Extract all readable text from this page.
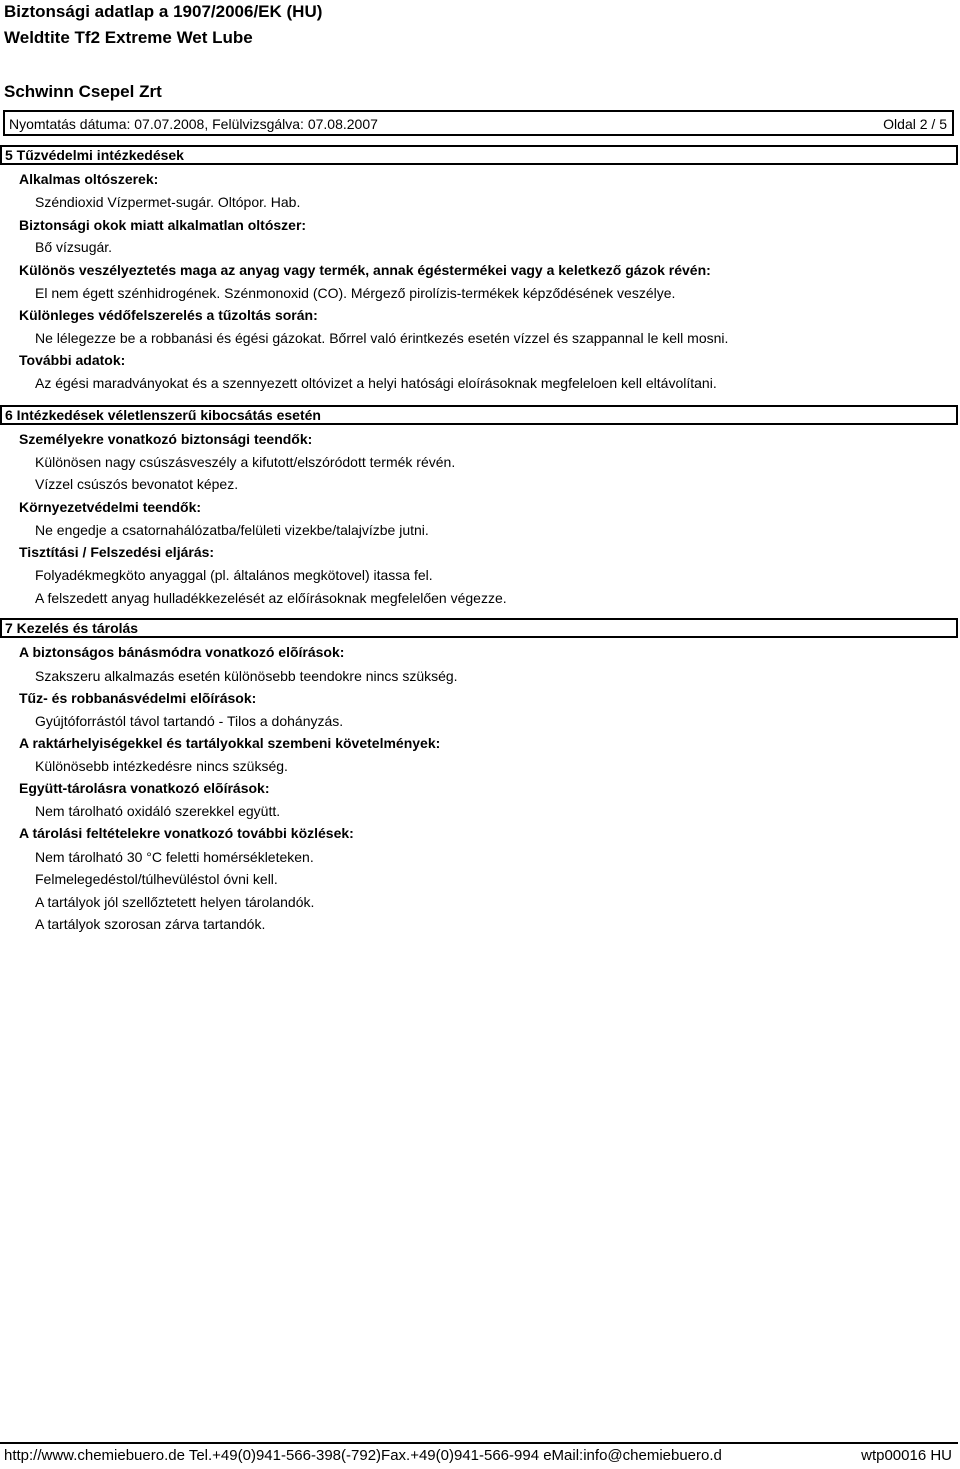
Biztonsági adatlap a 1907/2006/EK (HU)
Weldtite Tf2 Extreme Wet Lube
Schwinn Csepel Zrt
Nyomtatás dátuma: 07.07.2008, Felülvizsgálva: 07.08.2007	Oldal 2 / 5
5 Tűzvédelmi intézkedések
Alkalmas oltószerek:
Széndioxid Vízpermet-sugár. Oltópor. Hab.
Biztonsági okok miatt alkalmatlan oltószer:
Bő vízsugár.
Különös veszélyeztetés maga az anyag vagy termék, annak égéstermékei vagy a keletkező gázok révén:
El nem égett szénhidrogének. Szénmonoxid (CO). Mérgező pirolízis-termékek képződésének veszélye.
Különleges védőfelszerelés a tűzoltás során:
Ne lélegezze be a robbanási és égési gázokat. Bőrrel való érintkezés esetén vízzel és szappannal le kell mosni.
További adatok:
Az égési maradványokat és a szennyezett oltóvizet a helyi hatósági eloírásoknak megfeleloen kell eltávolítani.
6 Intézkedések véletlenszerű kibocsátás esetén
Személyekre vonatkozó biztonsági teendők:
Különösen nagy csúszásveszély a kifutott/elszóródott termék révén.
Vízzel csúszós bevonatot képez.
Környezetvédelmi teendők:
Ne engedje a csatornahálózatba/felületi vizekbe/talajvízbe jutni.
Tisztítási / Felszedési eljárás:
Folyadékmegköto anyaggal (pl. általános megkötovel) itassa fel.
A felszedett anyag hulladékkezelését az előírásoknak megfelelően végezze.
7 Kezelés és tárolás
A biztonságos bánásmódra vonatkozó elõírások:
Szakszeru alkalmazás esetén különösebb teendokre nincs szükség.
Tűz- és robbanásvédelmi elõírások:
Gyújtóforrástól távol tartandó - Tilos a dohányzás.
A raktárhelyiségekkel és tartályokkal szembeni követelmények:
Különösebb intézkedésre nincs szükség.
Együtt-tárolásra vonatkozó elõírások:
Nem tárolható oxidáló szerekkel együtt.
A tárolási feltételekre vonatkozó további közlések:
Nem tárolható 30 °C feletti homérsékleteken.
Felmelegedéstol/túlhevüléstol óvni kell.
A tartályok jól szellőztetett helyen tárolandók.
A tartályok szorosan zárva tartandók.
http://www.chemiebuero.de Tel.+49(0)941-566-398(-792)Fax.+49(0)941-566-994 eMail:info@chemiebuero.d	wtp00016 HU
